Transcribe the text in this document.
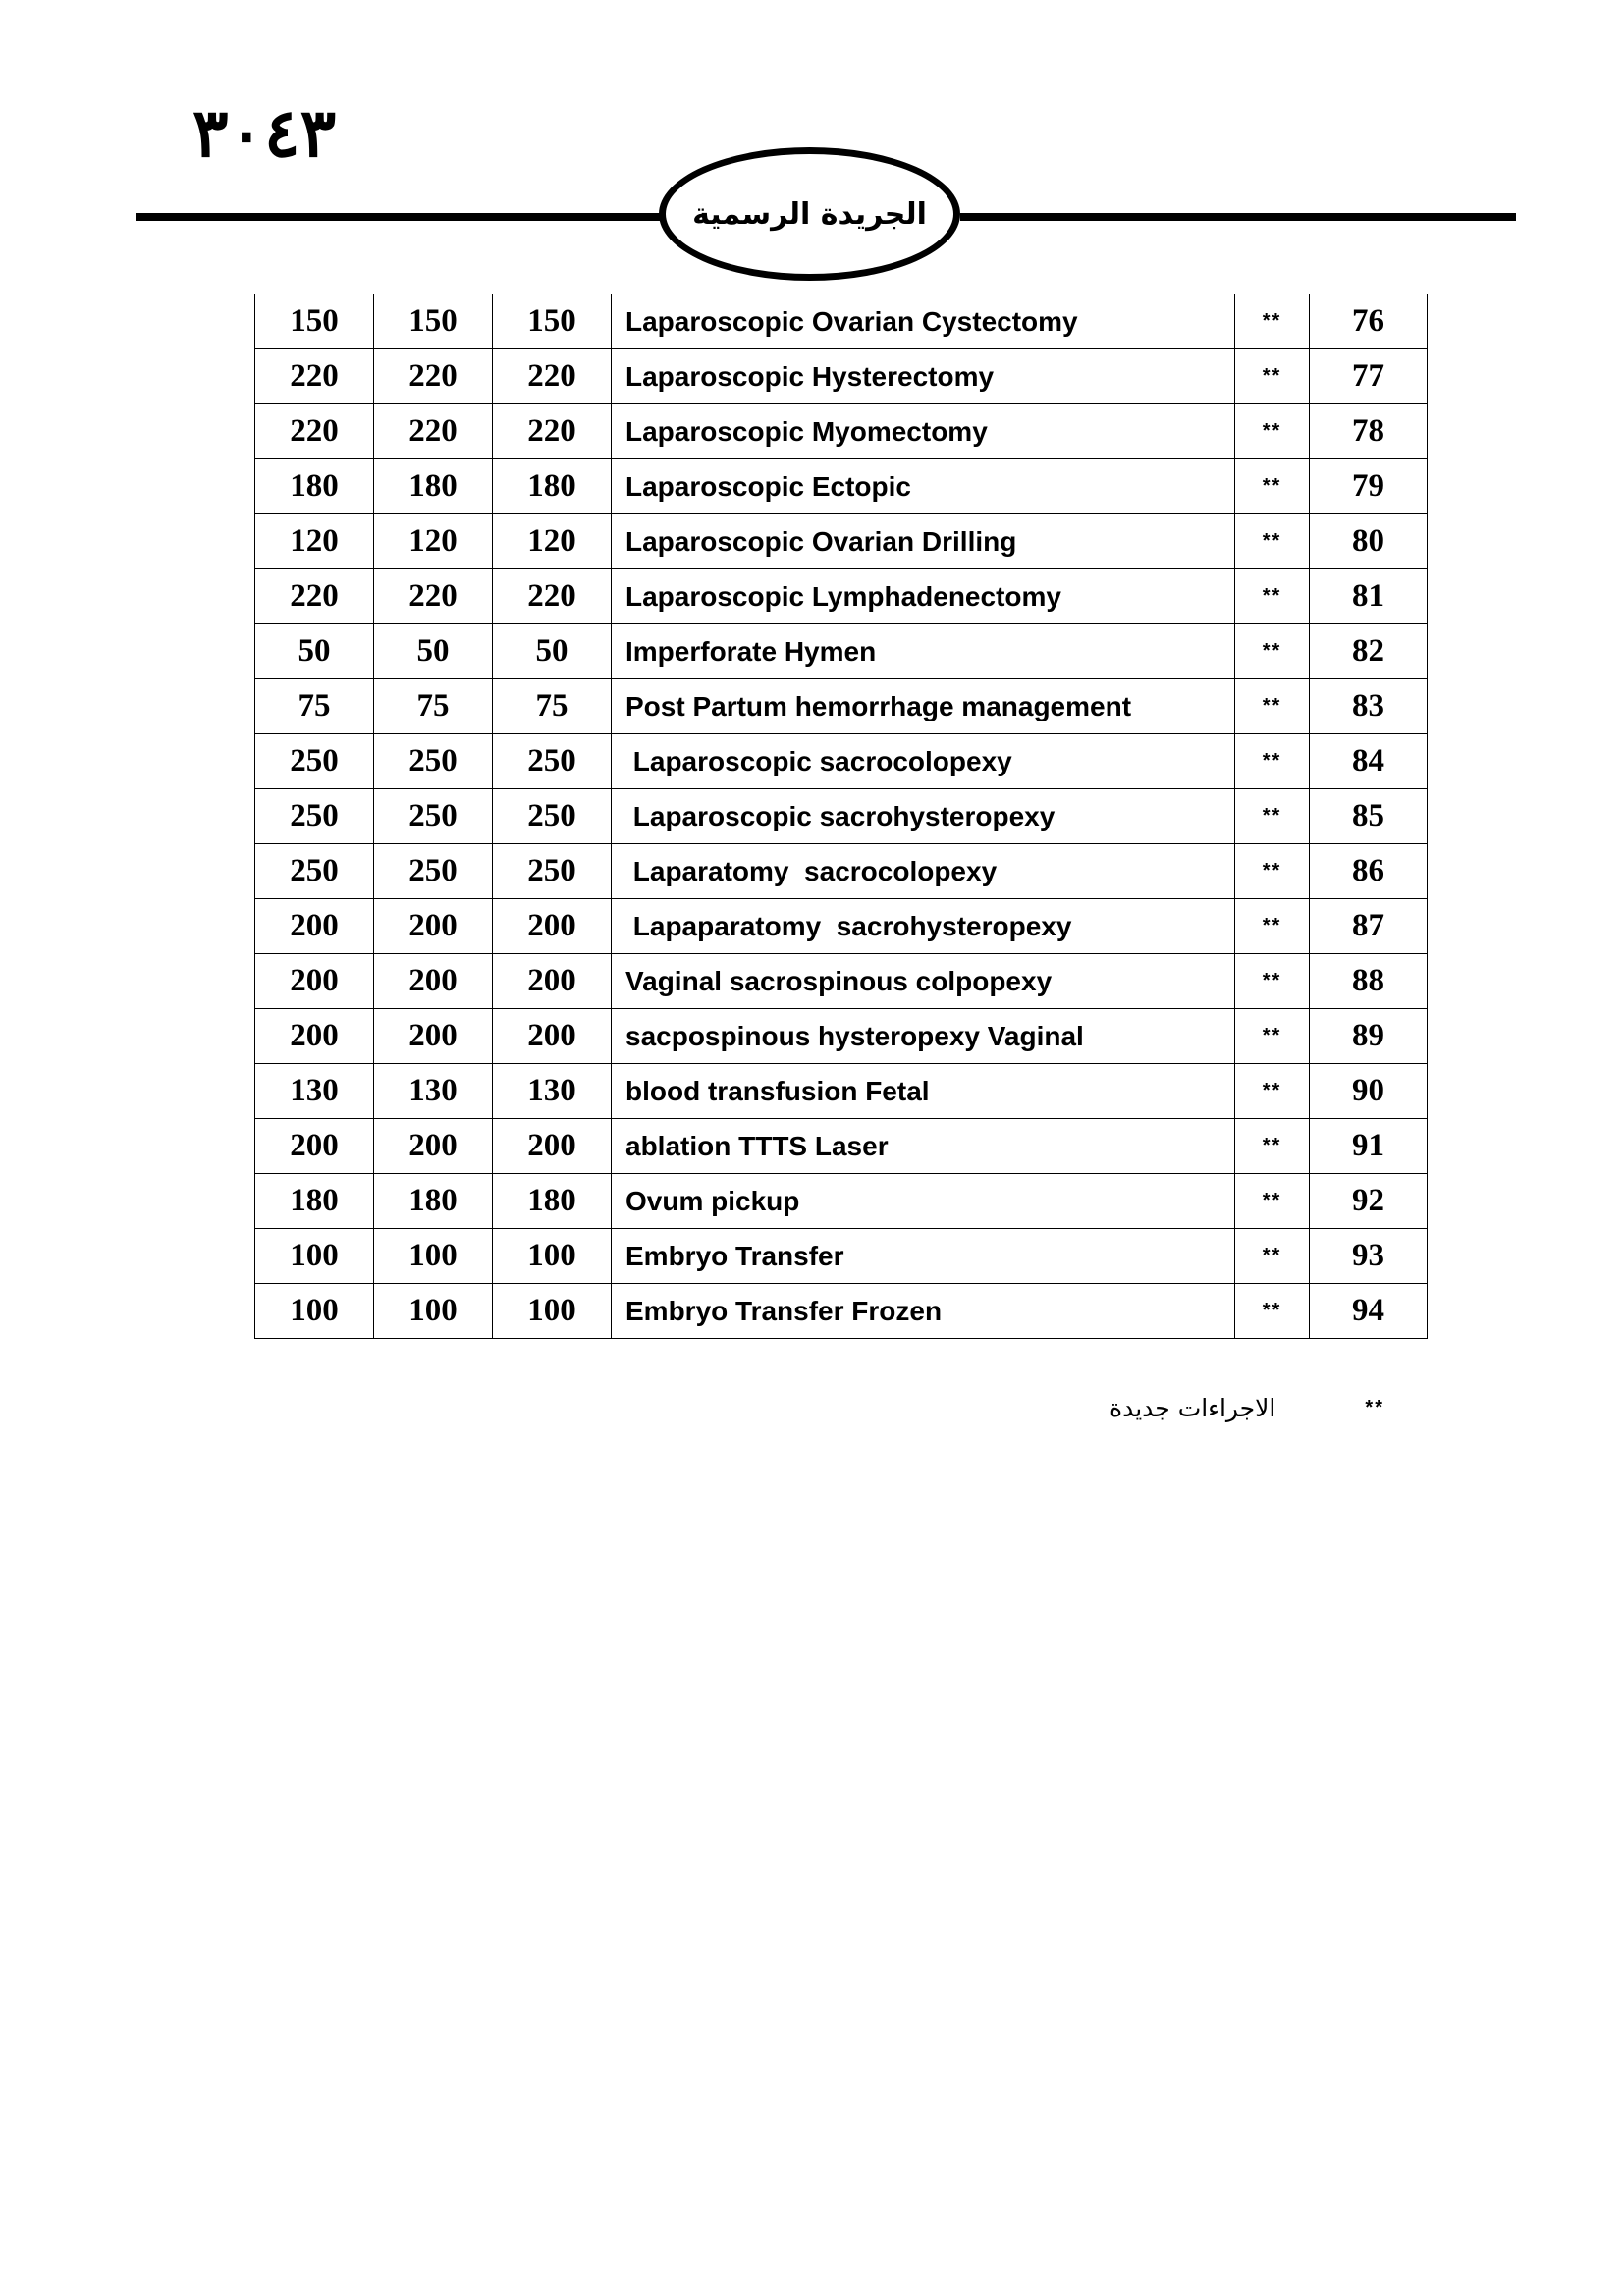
٣٠٤٣
الجريدة الرسمية
150	150	150	Laparoscopic Ovarian Cystectomy	**	76
220	220	220	Laparoscopic Hysterectomy	**	77
220	220	220	Laparoscopic Myomectomy	**	78
180	180	180	Laparoscopic Ectopic	**	79
120	120	120	Laparoscopic Ovarian Drilling	**	80
220	220	220	Laparoscopic Lymphadenectomy	**	81
50	50	50	Imperforate Hymen	**	82
75	75	75	Post Partum hemorrhage management	**	83
250	250	250	Laparoscopic sacrocolopexy	**	84
250	250	250	Laparoscopic sacrohysteropexy	**	85
250	250	250	Laparatomy  sacrocolopexy	**	86
200	200	200	Lapaparatomy  sacrohysteropexy	**	87
200	200	200	Vaginal sacrospinous colpopexy	**	88
200	200	200	sacpospinous hysteropexy Vaginal	**	89
130	130	130	blood transfusion Fetal	**	90
200	200	200	ablation TTTS Laser	**	91
180	180	180	Ovum pickup	**	92
100	100	100	Embryo Transfer	**	93
100	100	100	Embryo Transfer Frozen	**	94
الاجراءات جديدة	**
